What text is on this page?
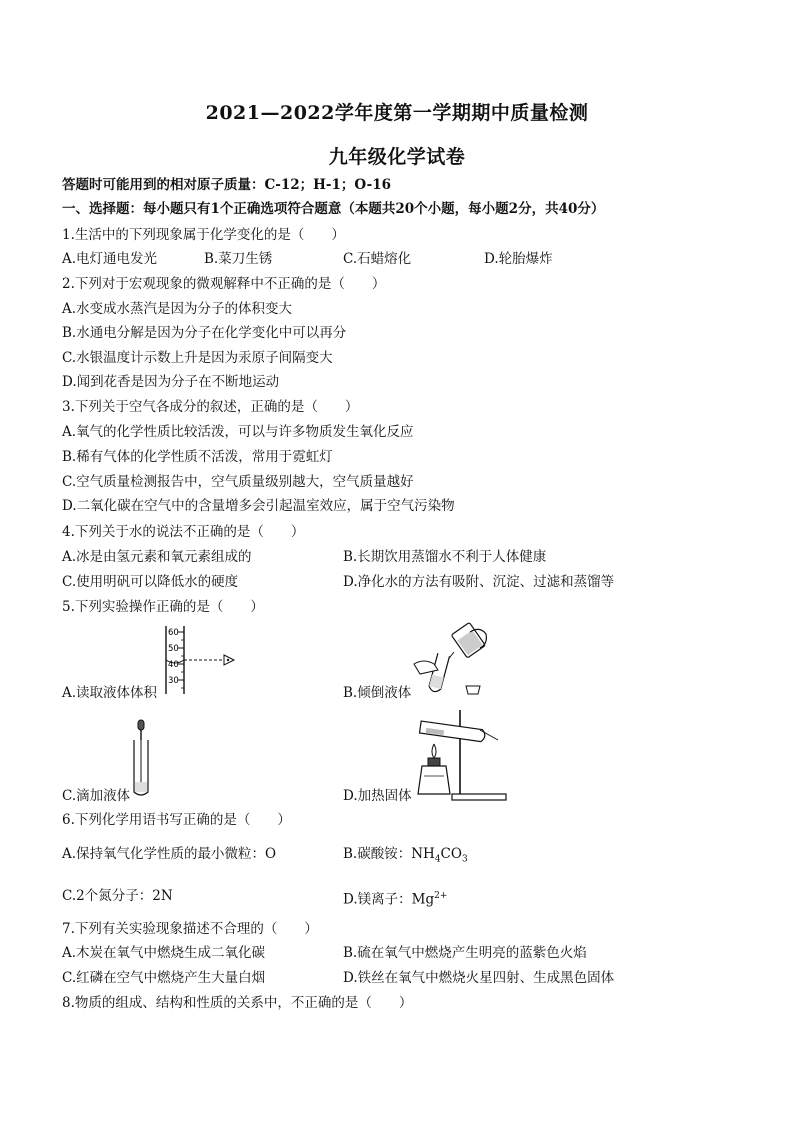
2021—2022学年度第一学期期中质量检测
九年级化学试卷
答题时可能用到的相对原子质量：C-12；H-1；O-16
一、选择题：每小题只有1个正确选项符合题意（本题共20个小题，每小题2分，共40分）
1.生活中的下列现象属于化学变化的是（　　）
A.电灯通电发光	B.菜刀生锈	C.石蜡熔化	D.轮胎爆炸
2.下列对于宏观现象的微观解释中不正确的是（　　）
A.水变成水蒸汽是因为分子的体积变大
B.水通电分解是因为分子在化学变化中可以再分
C.水银温度计示数上升是因为汞原子间隔变大
D.闻到花香是因为分子在不断地运动
3.下列关于空气各成分的叙述，正确的是（　　）
A.氧气的化学性质比较活泼，可以与许多物质发生氧化反应
B.稀有气体的化学性质不活泼，常用于霓虹灯
C.空气质量检测报告中，空气质量级别越大，空气质量越好
D.二氧化碳在空气中的含量增多会引起温室效应，属于空气污染物
4.下列关于水的说法不正确的是（　　）
A.冰是由氢元素和氧元素组成的	B.长期饮用蒸馏水不利于人体健康
C.使用明矾可以降低水的硬度	D.净化水的方法有吸附、沉淀、过滤和蒸馏等
5.下列实验操作正确的是（　　）
60
50
40
30
A.读取液体体积	B.倾倒液体
C.滴加液体	D.加热固体
6.下列化学用语书写正确的是（　　）
A.保持氧气化学性质的最小微粒：O	B.碳酸铵：$NH_4CO_3$
C.2个氮分子：2N	D.镁离子：$Mg^{2+}$
7.下列有关实验现象描述不合理的（　　）
A.木炭在氧气中燃烧生成二氧化碳	B.硫在氧气中燃烧产生明亮的蓝紫色火焰
C.红磷在空气中燃烧产生大量白烟	D.铁丝在氧气中燃烧火星四射、生成黑色固体
8.物质的组成、结构和性质的关系中，不正确的是（　　）
